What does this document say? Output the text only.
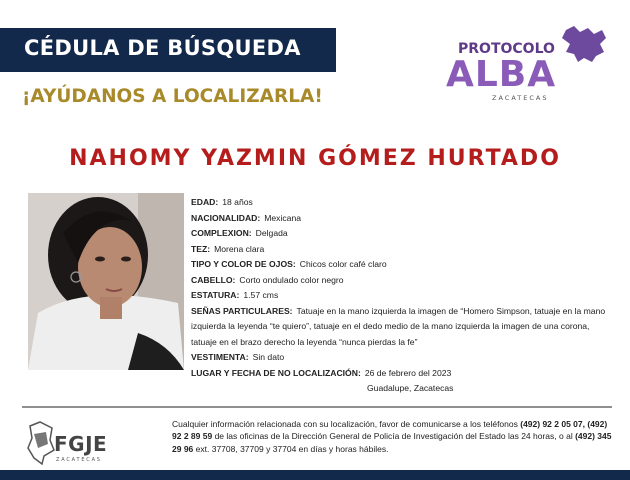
CÉDULA DE BÚSQUEDA
¡AYÚDANOS A LOCALIZARLA!
PROTOCOLO
ALBA
ZACATECAS
NAHOMY YAZMIN GÓMEZ HURTADO
EDAD: 18 años
NACIONALIDAD: Mexicana
COMPLEXION: Delgada
TEZ: Morena clara
TIPO Y COLOR DE OJOS: Chicos color café claro
CABELLO: Corto ondulado color negro
ESTATURA: 1.57 cms
SEÑAS PARTICULARES: Tatuaje en la mano izquierda la imagen de “Homero Simpson, tatuaje en la mano izquierda la leyenda “te quiero”, tatuaje en el dedo medio de la mano izquierda la imagen de una corona, tatuaje en el brazo derecho la leyenda “nunca pierdas la fe”
VESTIMENTA: Sin dato
LUGAR Y FECHA DE NO LOCALIZACIÓN: 26 de febrero del 2023
Guadalupe, Zacatecas
FGJE
ZACATECAS
Cualquier información relacionada con su localización, favor de comunicarse a los teléfonos (492) 92 2 05 07, (492) 92 2 89 59 de las oficinas de la Dirección General de Policía de Investigación del Estado las 24 horas, o al (492) 345 29 96 ext. 37708, 37709 y 37704 en días y horas hábiles.
